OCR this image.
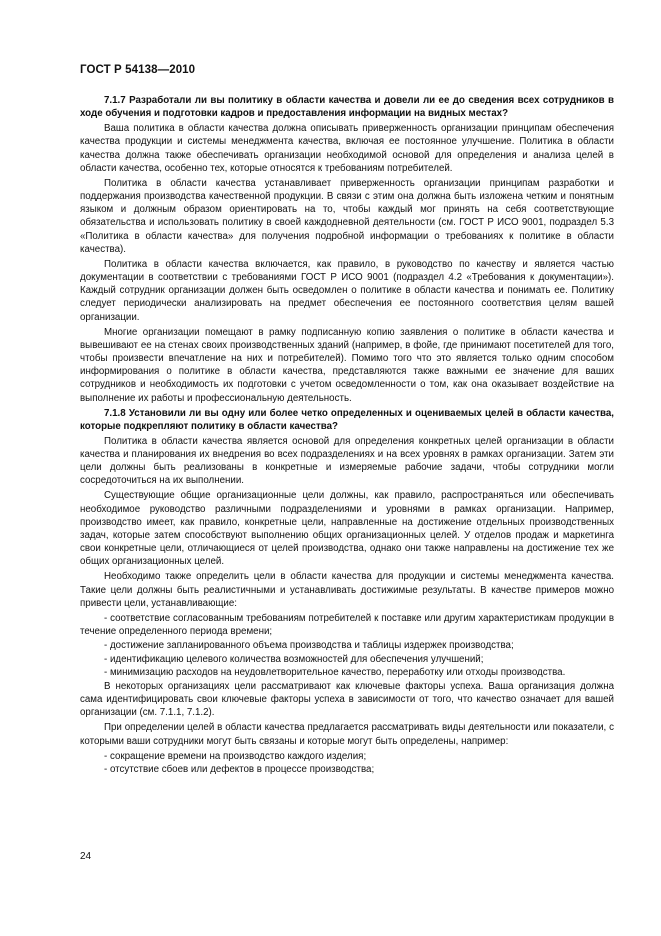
ГОСТ Р 54138—2010

7.1.7 Разработали ли вы политику в области качества и довели ли ее до сведения всех сотрудников в ходе обучения и подготовки кадров и предоставления информации на видных местах?

Ваша политика в области качества должна описывать приверженность организации принципам обеспечения качества продукции и системы менеджмента качества, включая ее постоянное улучшение. Политика в области качества должна также обеспечивать организации необходимой основой для определения и анализа целей в области качества, особенно тех, которые относятся к требованиям потребителей.

Политика в области качества устанавливает приверженность организации принципам разработки и поддержания производства качественной продукции. В связи с этим она должна быть изложена четким и понятным языком и должным образом ориентировать на то, чтобы каждый мог принять на себя соответствующие обязательства и использовать политику в своей каждодневной деятельности (см. ГОСТ Р ИСО 9001, подраздел 5.3 «Политика в области качества» для получения подробной информации о требованиях к политике в области качества).

Политика в области качества включается, как правило, в руководство по качеству и является частью документации в соответствии с требованиями ГОСТ Р ИСО 9001 (подраздел 4.2 «Требования к документации»). Каждый сотрудник организации должен быть осведомлен о политике в области качества и понимать ее. Политику следует периодически анализировать на предмет обеспечения ее постоянного соответствия целям вашей организации.

Многие организации помещают в рамку подписанную копию заявления о политике в области качества и вывешивают ее на стенах своих производственных зданий (например, в фойе, где принимают посетителей для того, чтобы произвести впечатление на них и потребителей). Помимо того что это является только одним способом информирования о политике в области качества, представляются также важными ее значение для ваших сотрудников и необходимость их подготовки с учетом осведомленности о том, как она оказывает воздействие на выполнение их работы и профессиональную деятельность.

7.1.8 Установили ли вы одну или более четко определенных и оцениваемых целей в области качества, которые подкрепляют политику в области качества?

Политика в области качества является основой для определения конкретных целей организации в области качества и планирования их внедрения во всех подразделениях и на всех уровнях в рамках организации. Затем эти цели должны быть реализованы в конкретные и измеряемые рабочие задачи, чтобы сотрудники могли сосредоточиться на их выполнении.

Существующие общие организационные цели должны, как правило, распространяться или обеспечивать необходимое руководство различными подразделениями и уровнями в рамках организации. Например, производство имеет, как правило, конкретные цели, направленные на достижение отдельных производственных задач, которые затем способствуют выполнению общих организационных целей. У отделов продаж и маркетинга свои конкретные цели, отличающиеся от целей производства, однако они также направлены на достижение тех же общих организационных целей.

Необходимо также определить цели в области качества для продукции и системы менеджмента качества. Такие цели должны быть реалистичными и устанавливать достижимые результаты. В качестве примеров можно привести цели, устанавливающие:

- соответствие согласованным требованиям потребителей к поставке или другим характеристикам продукции в течение определенного периода времени;

- достижение запланированного объема производства и таблицы издержек производства;

- идентификацию целевого количества возможностей для обеспечения улучшений;

- минимизацию расходов на неудовлетворительное качество, переработку или отходы производства.

В некоторых организациях цели рассматривают как ключевые факторы успеха. Ваша организация должна сама идентифицировать свои ключевые факторы успеха в зависимости от того, что качество означает для вашей организации (см. 7.1.1, 7.1.2).

При определении целей в области качества предлагается рассматривать виды деятельности или показатели, с которыми ваши сотрудники могут быть связаны и которые могут быть определены, например:

- сокращение времени на производство каждого изделия;

- отсутствие сбоев или дефектов в процессе производства;

24
